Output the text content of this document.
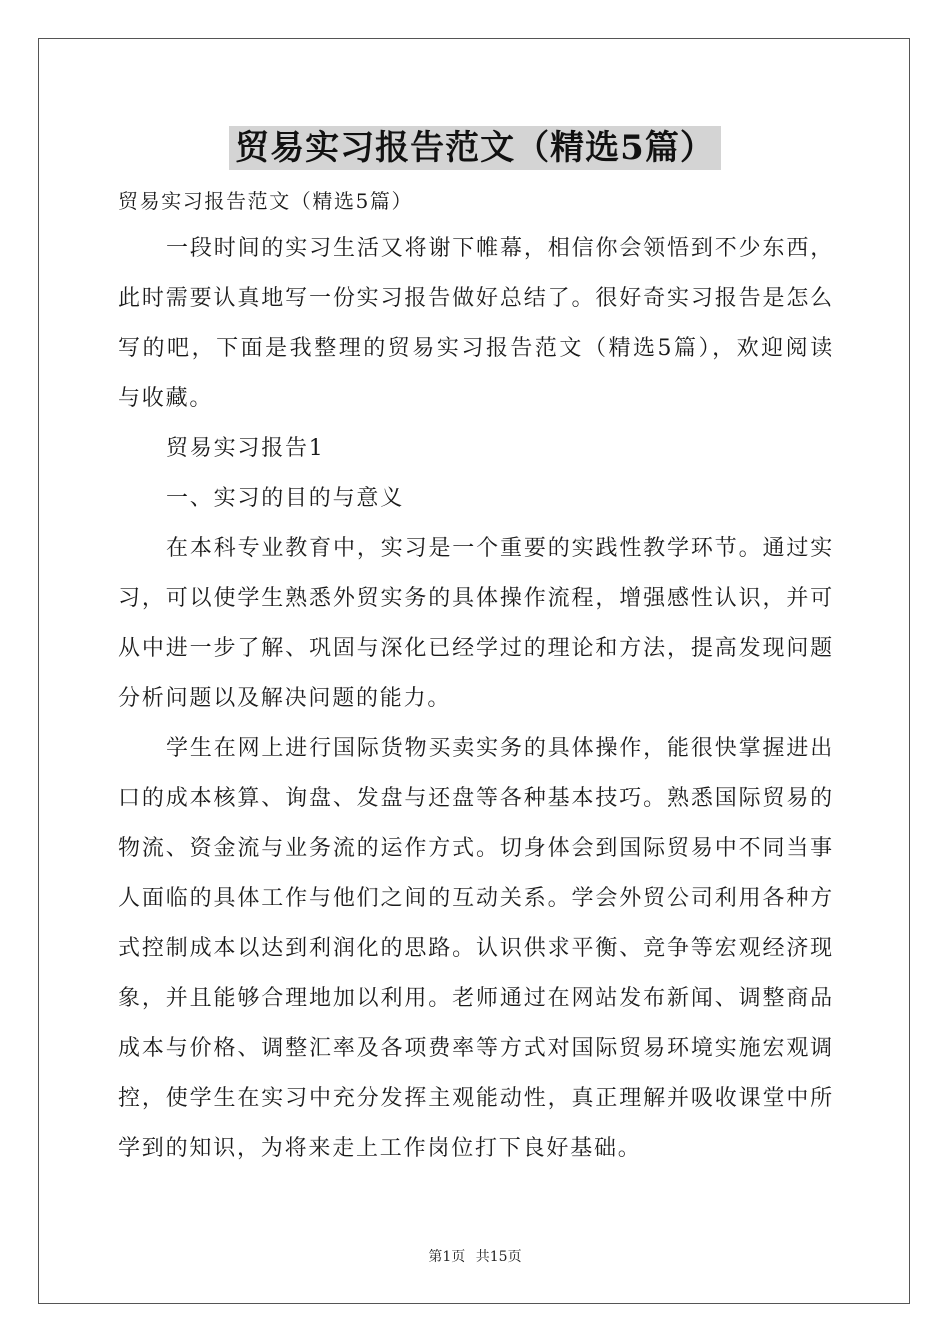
贸易实习报告范文（精选5篇）

贸易实习报告范文（精选5篇）

一段时间的实习生活又将谢下帷幕，相信你会领悟到不少东西，此时需要认真地写一份实习报告做好总结了。很好奇实习报告是怎么写的吧，下面是我整理的贸易实习报告范文（精选5篇），欢迎阅读与收藏。

贸易实习报告1

一、实习的目的与意义

在本科专业教育中，实习是一个重要的实践性教学环节。通过实习，可以使学生熟悉外贸实务的具体操作流程，增强感性认识，并可从中进一步了解、巩固与深化已经学过的理论和方法，提高发现问题分析问题以及解决问题的能力。

学生在网上进行国际货物买卖实务的具体操作，能很快掌握进出口的成本核算、询盘、发盘与还盘等各种基本技巧。熟悉国际贸易的物流、资金流与业务流的运作方式。切身体会到国际贸易中不同当事人面临的具体工作与他们之间的互动关系。学会外贸公司利用各种方式控制成本以达到利润化的思路。认识供求平衡、竞争等宏观经济现象，并且能够合理地加以利用。老师通过在网站发布新闻、调整商品成本与价格、调整汇率及各项费率等方式对国际贸易环境实施宏观调控，使学生在实习中充分发挥主观能动性，真正理解并吸收课堂中所学到的知识，为将来走上工作岗位打下良好基础。

第1页 共15页
